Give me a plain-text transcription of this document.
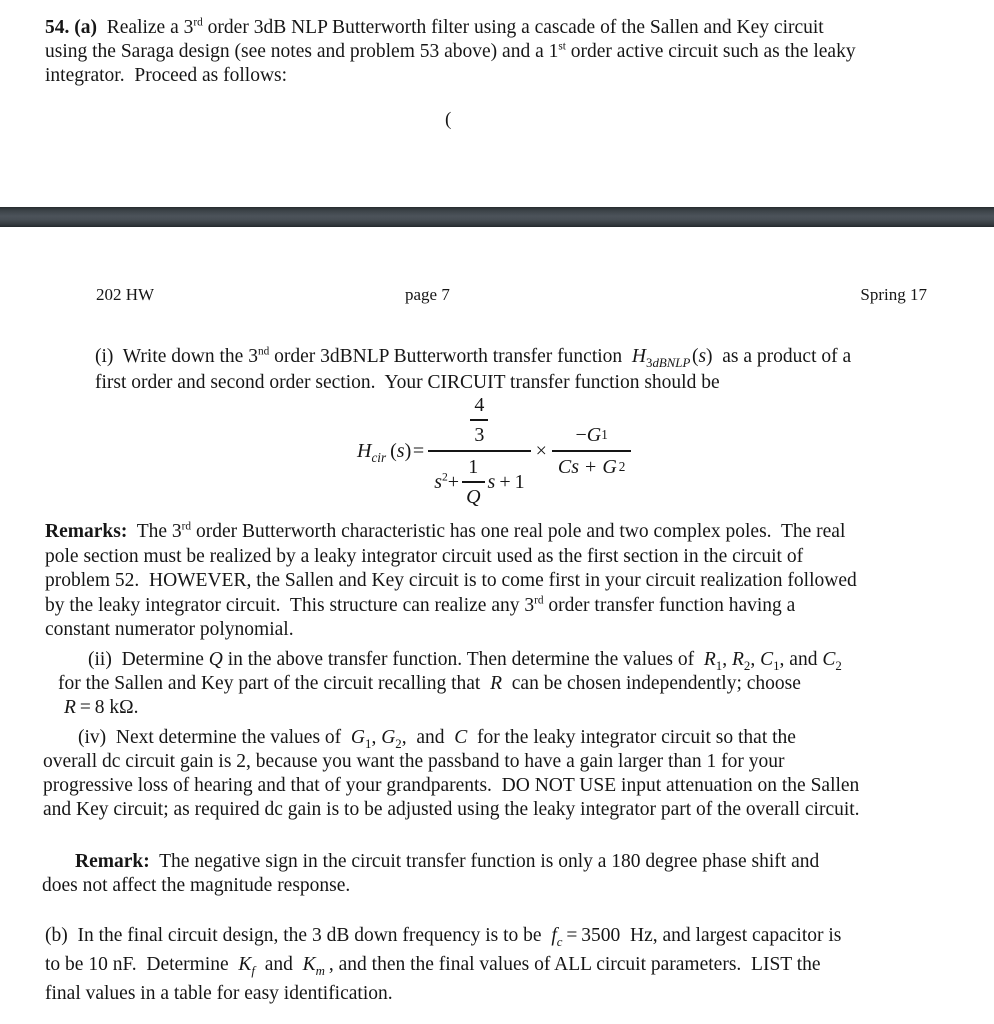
54. (a)  Realize a 3rd order 3dB NLP Butterworth filter using a cascade of the Sallen and Key circuit
using the Saraga design (see notes and problem 53 above) and a 1st order active circuit such as the leaky
integrator.  Proceed as follows:
(
202 HW	page 7	Spring 17
(i)  Write down the 3nd order 3dBNLP Butterworth transfer function  $H_{3dBNLP}$ (s)  as a product of a
first order and second order section.  Your CIRCUIT transfer function should be
$H_{cir}$ (s) = 4
3
$s^2+ \frac{1}{Q}$ $s + 1 \times \frac{- G 1}{Cs + G 2}$
Remarks:  The 3rd order Butterworth characteristic has one real pole and two complex poles.  The real
pole section must be realized by a leaky integrator circuit used as the first section in the circuit of
problem 52.  HOWEVER, the Sallen and Key circuit is to come first in your circuit realization followed
by the leaky integrator circuit.  This structure can realize any 3rd order transfer function having a
constant numerator polynomial.
(ii)  Determine Q in the above transfer function. Then determine the values of  $R_1$, $R_2$, $C_1$, and $C_2$
for the Sallen and Key part of the circuit recalling that  R  can be chosen independently; choose
R = 8 kΩ.
(iv)  Next determine the values of  $G_1$, $G_2$,  and  C  for the leaky integrator circuit so that the
overall dc circuit gain is 2, because you want the passband to have a gain larger than 1 for your
progressive loss of hearing and that of your grandparents.  DO NOT USE input attenuation on the Sallen
and Key circuit; as required dc gain is to be adjusted using the leaky integrator part of the overall circuit.
Remark:  The negative sign in the circuit transfer function is only a 180 degree phase shift and
does not affect the magnitude response.
(b)  In the final circuit design, the 3 dB down frequency is to be  $f_c = 3500$  Hz, and largest capacitor is
to be 10 nF.  Determine  $K_f$  and  $K_m$ , and then the final values of ALL circuit parameters.  LIST the
final values in a table for easy identification.
